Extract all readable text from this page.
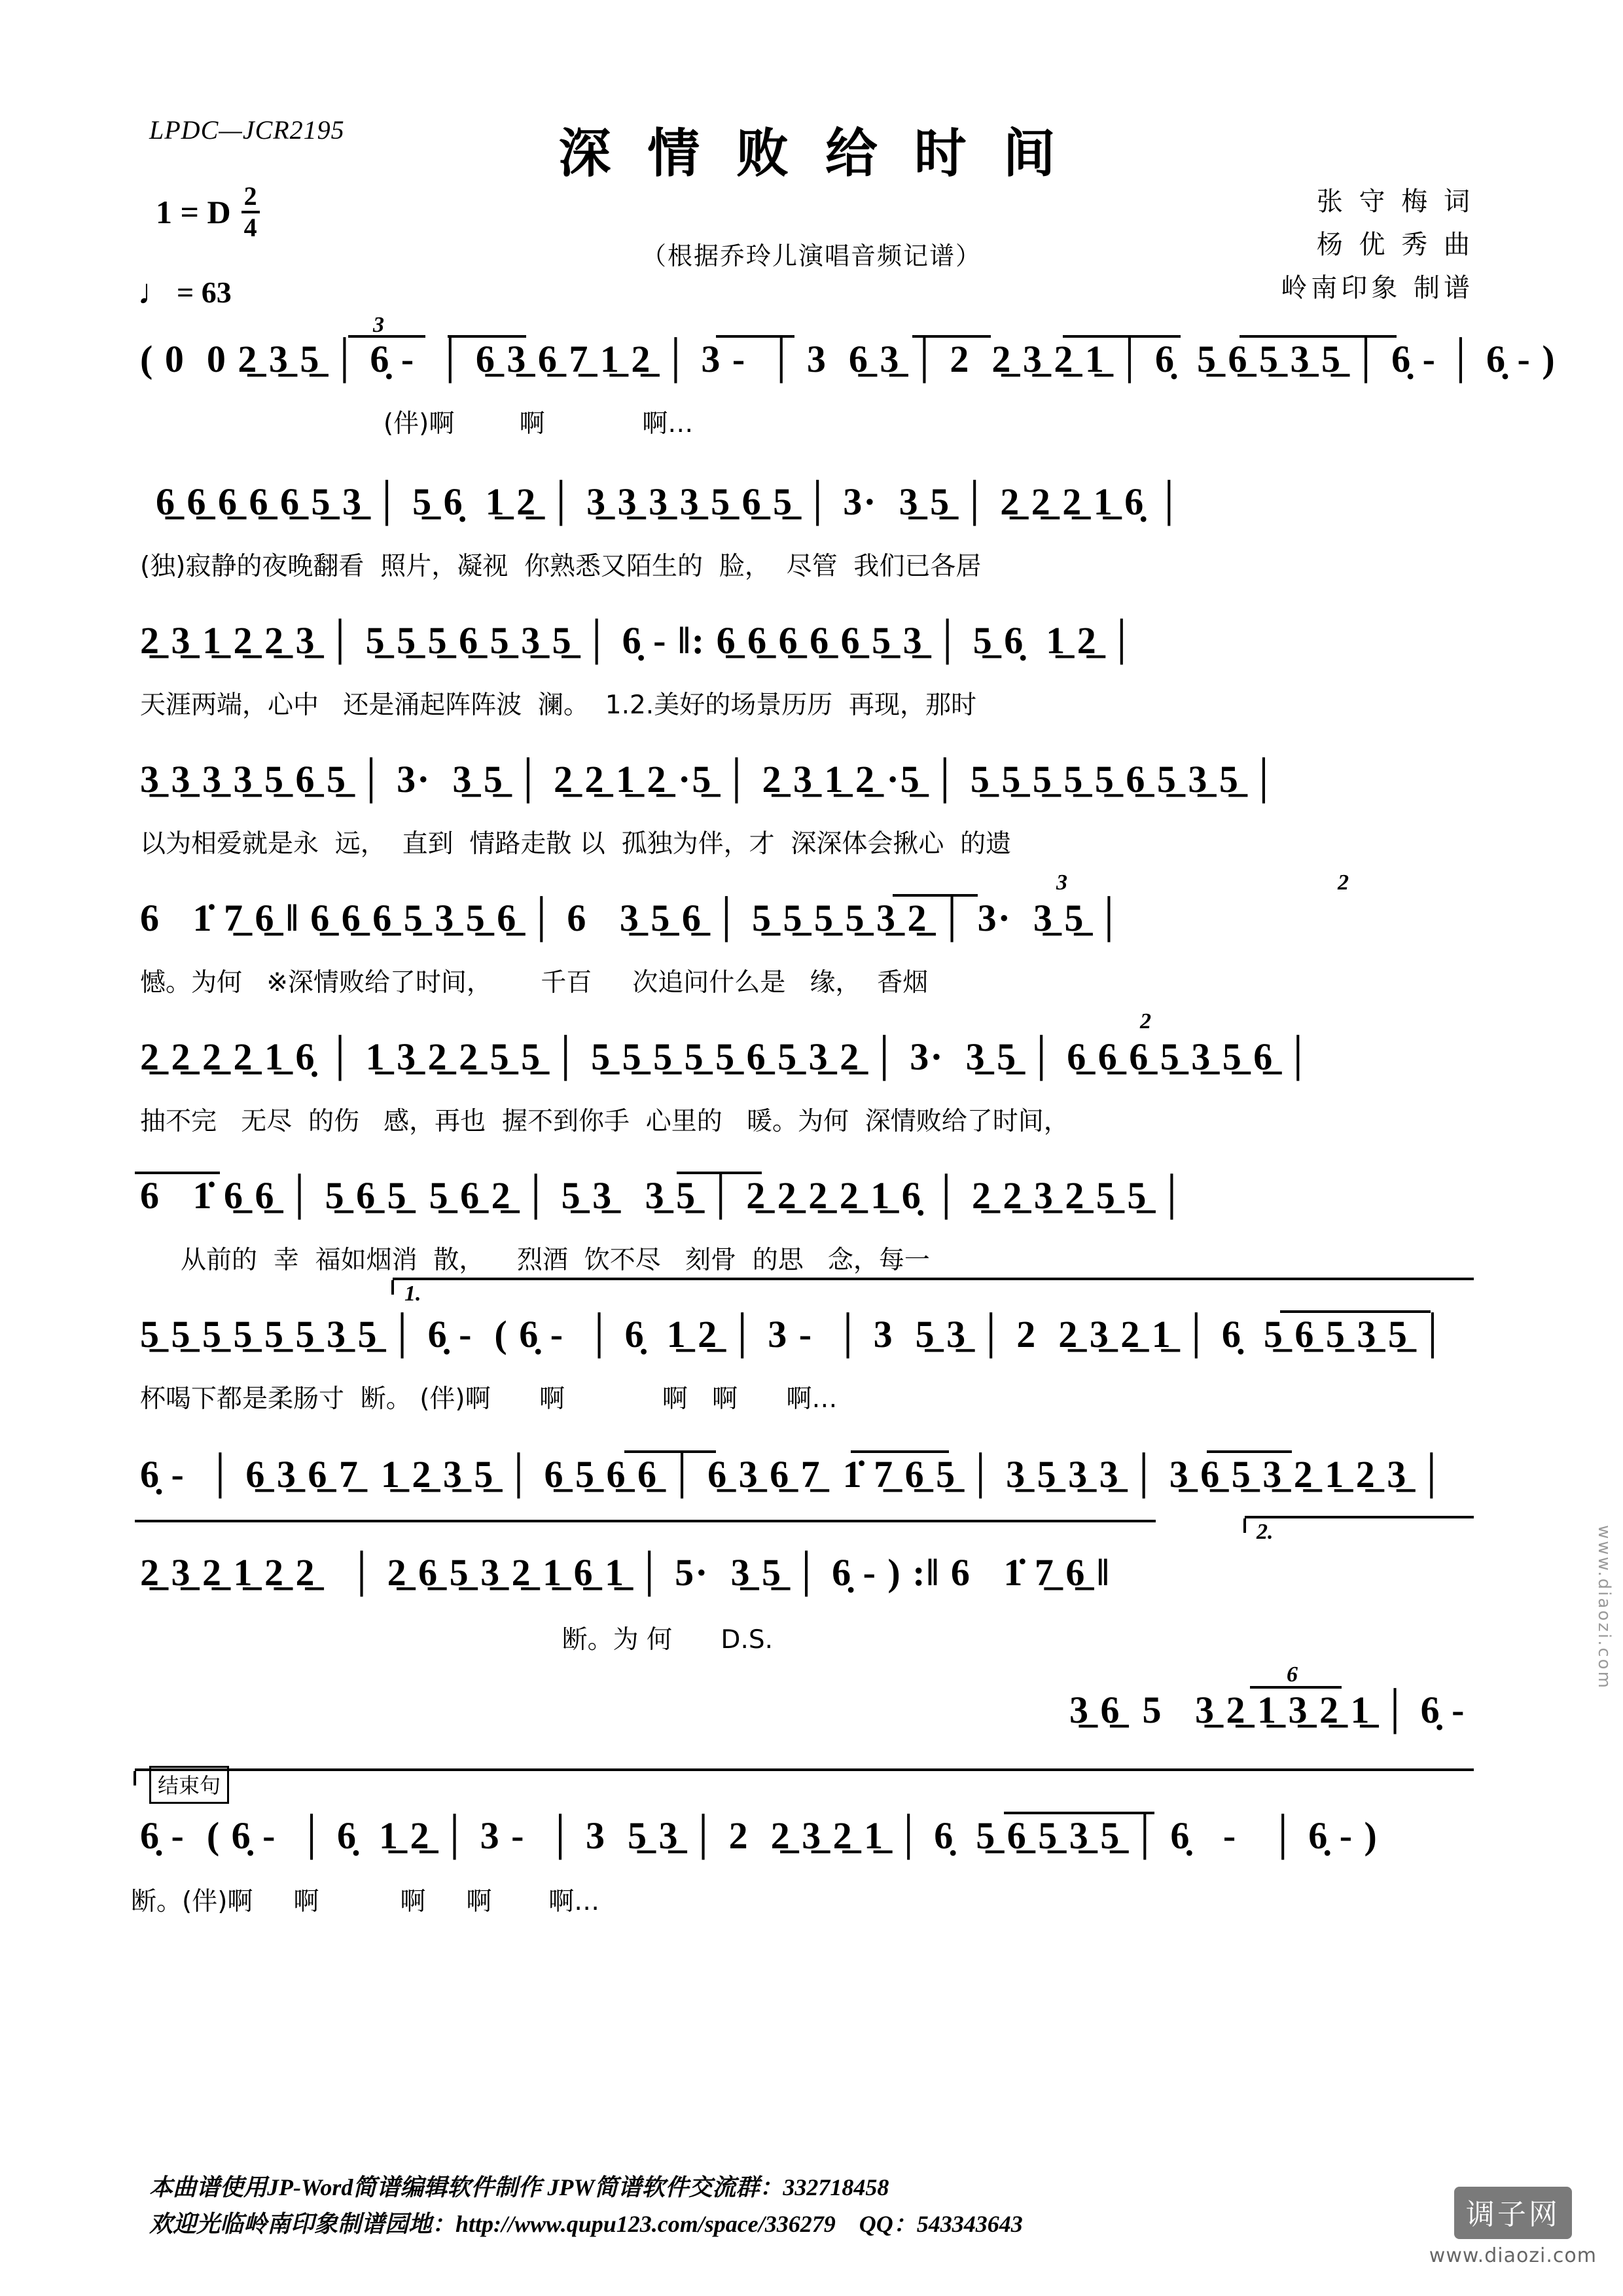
LPDC—JCR2195	深 情 败 给 时 间
（根据乔玲儿演唱音频记谱）
1 = D $\frac{2}{4}$
♩ = 63
张 守 梅 词
杨 优 秀 曲
岭南印象 制谱
( 0  0 2̲ 3̲ 5̲ │ 6̣ -  │ 6̲ 3̲ 6̲ 7̲ 1̲ 2̲ │ 3 -  │ 3  6̲ 3̲ │ 2  2̲ 3̲ 2̲ 1̲ │ 6̣  5̲ 6̲ 5̲ 3̲ 5̲ │ 6̣ - │ 6̣ - )
(伴)啊        啊            啊…
3
6̲ 6̲ 6̲ 6̲ 6̲ 5̲ 3̲ │ 5̲ 6̣  1̲ 2̲ │ 3̲ 3̲ 3̲ 3̲ 5̲ 6̲ 5̲ │ 3·  3̲ 5̲ │ 2̲ 2̲ 2̲ 1̲ 6̣ │
(独)寂静的夜晚翻看  照片，凝视  你熟悉又陌生的  脸，  尽管  我们已各居
2̲ 3̲ 1̲ 2̲ 2̲ 3̲ │ 5̲ 5̲ 5̲ 6̲ 5̲ 3̲ 5̲ │ 6̣ - ‖: 6̲ 6̲ 6̲ 6̲ 6̲ 5̲ 3̲ │ 5̲ 6̣  1̲ 2̲ │
天涯两端，心中   还是涌起阵阵波  澜。  1.2.美好的场景历历  再现，那时
3̲ 3̲ 3̲ 3̲ 5̲ 6̲ 5̲ │ 3·  3̲ 5̲ │ 2̲ 2̲ 1̲ 2̲ ·5̲ │ 2̲ 3̲ 1̲ 2̲ ·5̲ │ 5̲ 5̲ 5̲ 5̲ 5̲ 6̲ 5̲ 3̲ 5̲ │
以为相爱就是永  远，  直到  情路走散 以  孤独为伴，才  深深体会揪心  的遗
6   1̇ 7̲ 6̲ ‖ 6̲ 6̲ 6̲ 5̲ 3̲ 5̲ 6̲ │ 6   3̲ 5̲ 6̲ │ 5̲ 5̲ 5̲ 5̲ 3̲ 2̲ │ 3·  3̲ 5̲ │
憾。为何   ※深情败给了时间，      千百     次追问什么是   缘，  香烟
3	2
2̲ 2̲ 2̲ 2̲ 1̲ 6̣ │ 1̲ 3̲ 2̲ 2̲ 5̲ 5̲ │ 5̲ 5̲ 5̲ 5̲ 5̲ 6̲ 5̲ 3̲ 2̲ │ 3·  3̲ 5̲ │ 6̲ 6̲ 6̲ 5̲ 3̲ 5̲ 6̲ │
抽不完   无尽  的伤   感，再也  握不到你手  心里的   暖。为何  深情败给了时间，
2
6   1̇ 6̲ 6̲ │ 5̲ 6̲ 5̲  5̲ 6̲ 2̲ │ 5̲ 3̲   3̲ 5̲ │ 2̲ 2̲ 2̲ 2̲ 1̲ 6̣ │ 2̲ 2̲ 3̲ 2̲ 5̲ 5̲ │
从前的  幸  福如烟消  散，    烈酒  饮不尽   刻骨  的思   念，每一
1.
5̲ 5̲ 5̲ 5̲ 5̲ 5̲ 3̲ 5̲ │ 6̣ -  ( 6̣ -  │ 6̣  1̲ 2̲ │ 3 -  │ 3  5̲ 3̲ │ 2  2̲ 3̲ 2̲ 1̲ │ 6̣  5̲ 6̲ 5̲ 3̲ 5̲ │
杯喝下都是柔肠寸  断。 (伴)啊      啊            啊   啊      啊…
6̣ -  │ 6̲ 3̲ 6̲ 7̲  1̲ 2̲ 3̲ 5̲ │ 6̲ 5̲ 6̲ 6̲ │ 6̲ 3̲ 6̲ 7̲  1̇ 7̲ 6̲ 5̲ │ 3̲ 5̲ 3̲ 3̲ │ 3̲ 6̲ 5̲ 3̲ 2̲ 1̲ 2̲ 3̲ │
2.
2̲ 3̲ 2̲ 1̲ 2̲ 2̲   │ 2̲ 6̲ 5̲ 3̲ 2̲ 1̲ 6̲ 1̲ │ 5·  3̲ 5̲ │ 6̣ - ) :‖ 6   1̇ 7̲ 6̲ ‖
断。为 何      D.S.
3̲ 6̲  5   3̲ 2̲ 1̲ 3̲ 2̲ 1̲ │ 6̣ -
6
结束句
6̣ -  ( 6̣ -  │ 6̣  1̲ 2̲ │ 3 -  │ 3  5̲ 3̲ │ 2  2̲ 3̲ 2̲ 1̲ │ 6̣  5̲ 6̲ 5̲ 3̲ 5̲ │ 6̣   -   │ 6̣ - )
断。(伴)啊     啊          啊     啊       啊…
本曲谱使用JP-Word简谱编辑软件制作 JPW简谱软件交流群：332718458
欢迎光临岭南印象制谱园地：http://www.qupu123.com/space/336279    QQ：543343643
www.diaozi.com
调子网
www.diaozi.com
